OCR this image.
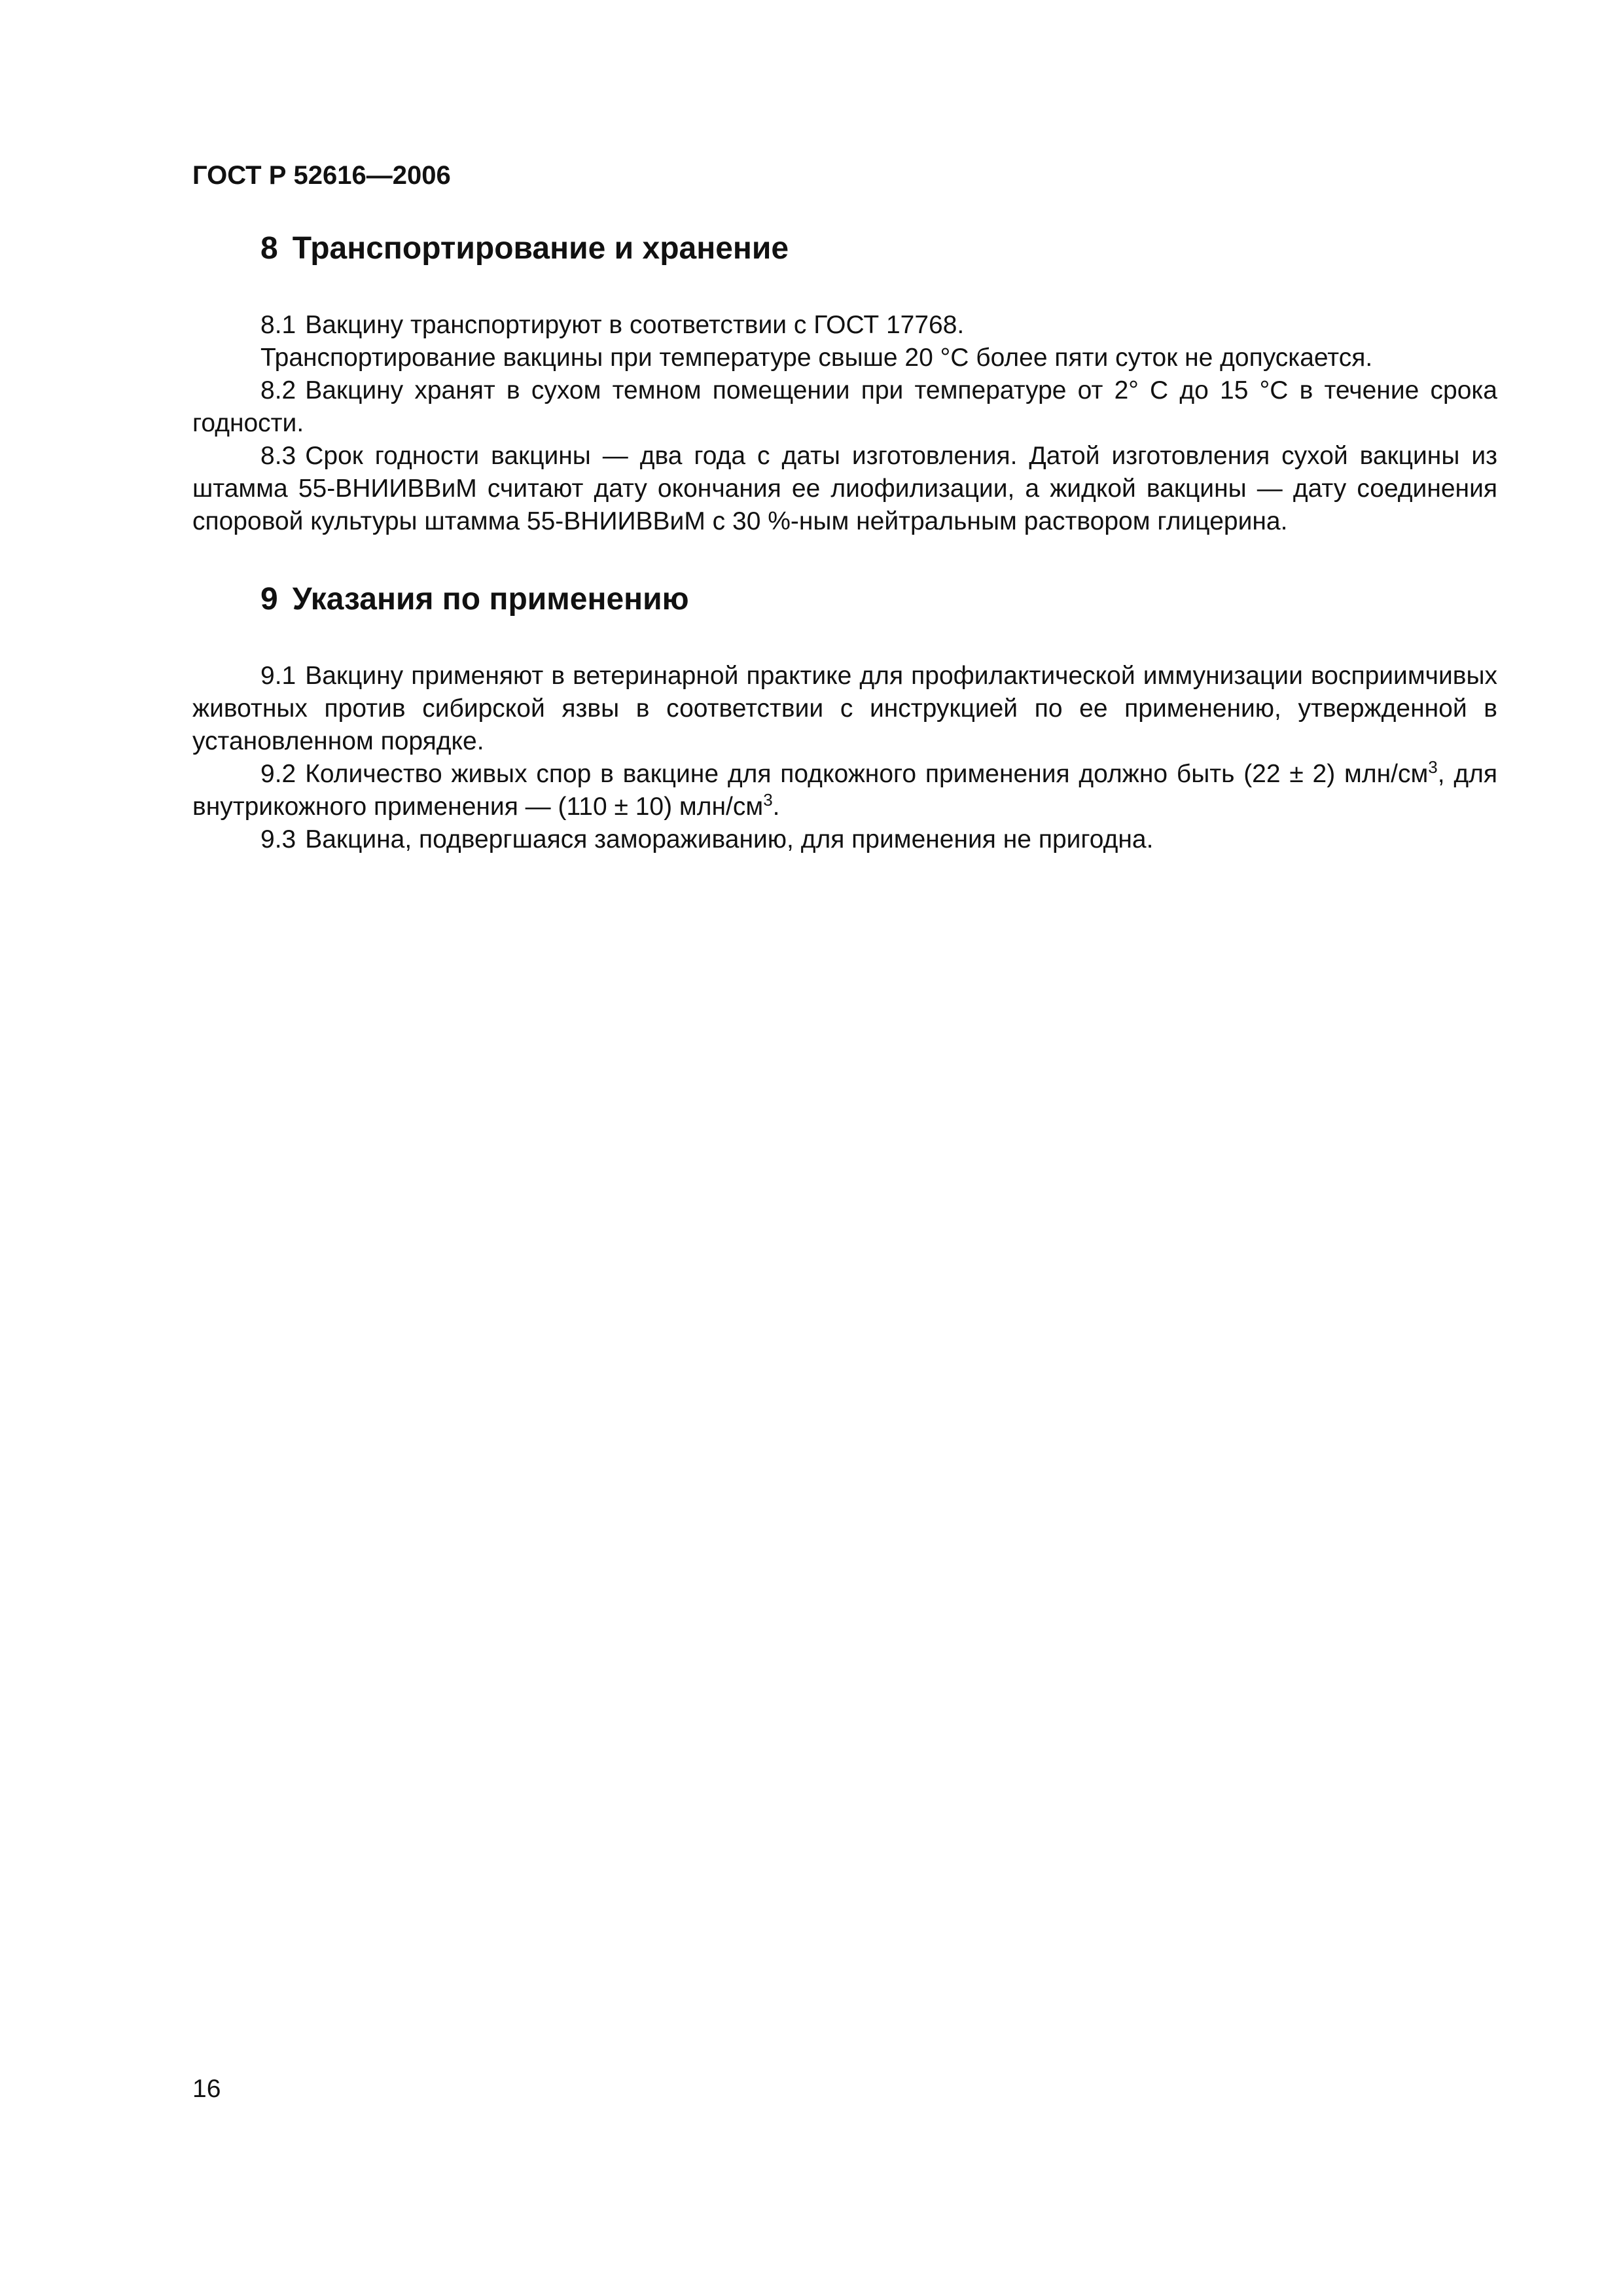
ГОСТ Р 52616—2006
8 Транспортирование и хранение

8.1 Вакцину транспортируют в соответствии с ГОСТ 17768.

Транспортирование вакцины при температуре свыше 20 °С более пяти суток не допускается.

8.2 Вакцину хранят в сухом темном помещении при температуре от 2° С до 15 °С в течение срока годности.

8.3 Срок годности вакцины — два года с даты изготовления. Датой изготовления сухой вакцины из штамма 55-ВНИИВВиМ считают дату окончания ее лиофилизации, а жидкой вакцины — дату соединения споровой культуры штамма 55-ВНИИВВиМ с 30 %-ным нейтральным раствором глицерина.

9 Указания по применению

9.1 Вакцину применяют в ветеринарной практике для профилактической иммунизации восприимчивых животных против сибирской язвы в соответствии с инструкцией по ее применению, утвержденной в установленном порядке.

9.2 Количество живых спор в вакцине для подкожного применения должно быть (22 ± 2) млн/$см^3$, для внутрикожного применения — (110 ± 10) млн/$см^3$.

9.3 Вакцина, подвергшаяся замораживанию, для применения не пригодна.

16
